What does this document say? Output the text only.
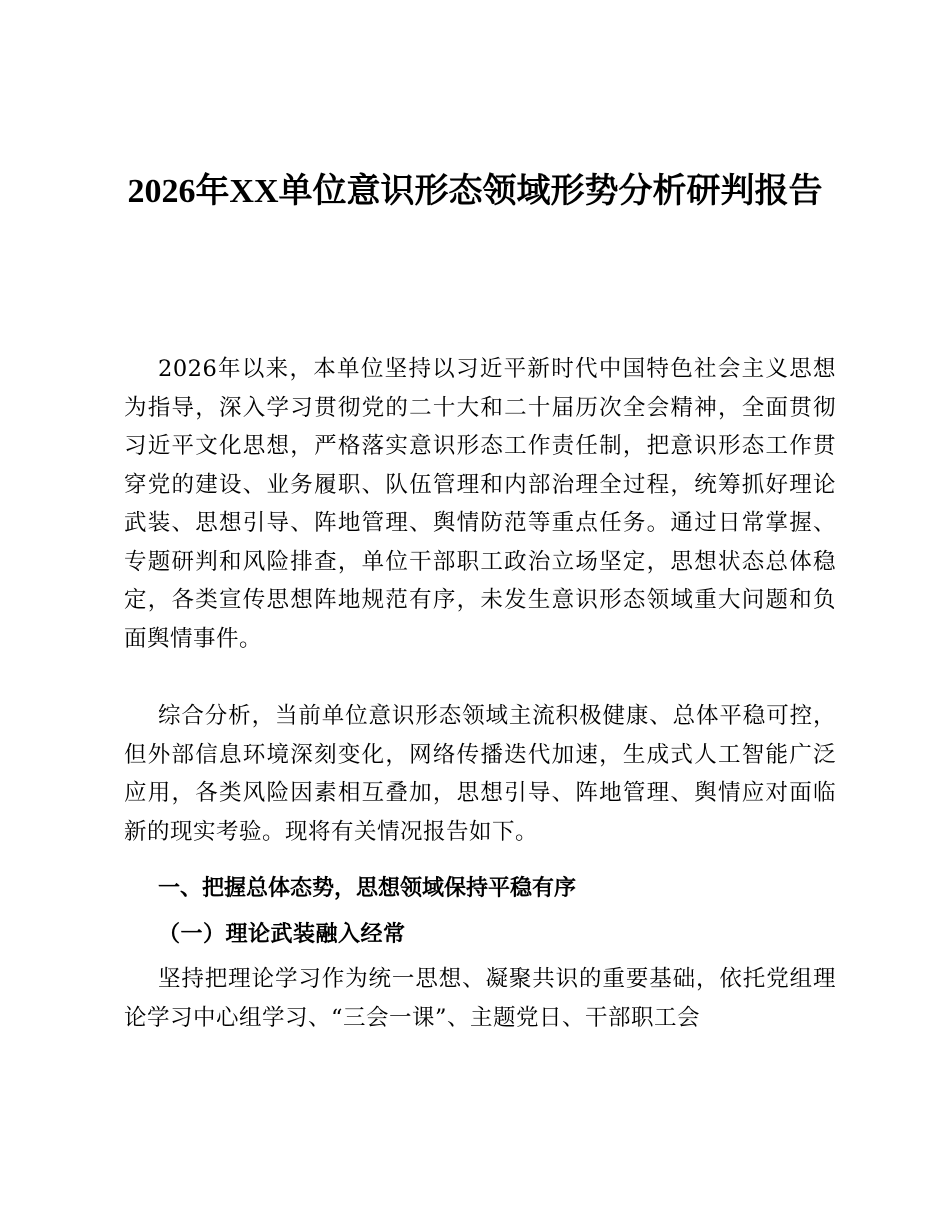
2026年XX单位意识形态领域形势分析研判报告

2026年以来，本单位坚持以习近平新时代中国特色社会主义思想为指导，深入学习贯彻党的二十大和二十届历次全会精神，全面贯彻习近平文化思想，严格落实意识形态工作责任制，把意识形态工作贯穿党的建设、业务履职、队伍管理和内部治理全过程，统筹抓好理论武装、思想引导、阵地管理、舆情防范等重点任务。通过日常掌握、专题研判和风险排查，单位干部职工政治立场坚定，思想状态总体稳定，各类宣传思想阵地规范有序，未发生意识形态领域重大问题和负面舆情事件。

综合分析，当前单位意识形态领域主流积极健康、总体平稳可控，但外部信息环境深刻变化，网络传播迭代加速，生成式人工智能广泛应用，各类风险因素相互叠加，思想引导、阵地管理、舆情应对面临新的现实考验。现将有关情况报告如下。

一、把握总体态势，思想领域保持平稳有序
（一）理论武装融入经常

坚持把理论学习作为统一思想、凝聚共识的重要基础，依托党组理论学习中心组学习、“三会一课”、主题党日、干部职工会
